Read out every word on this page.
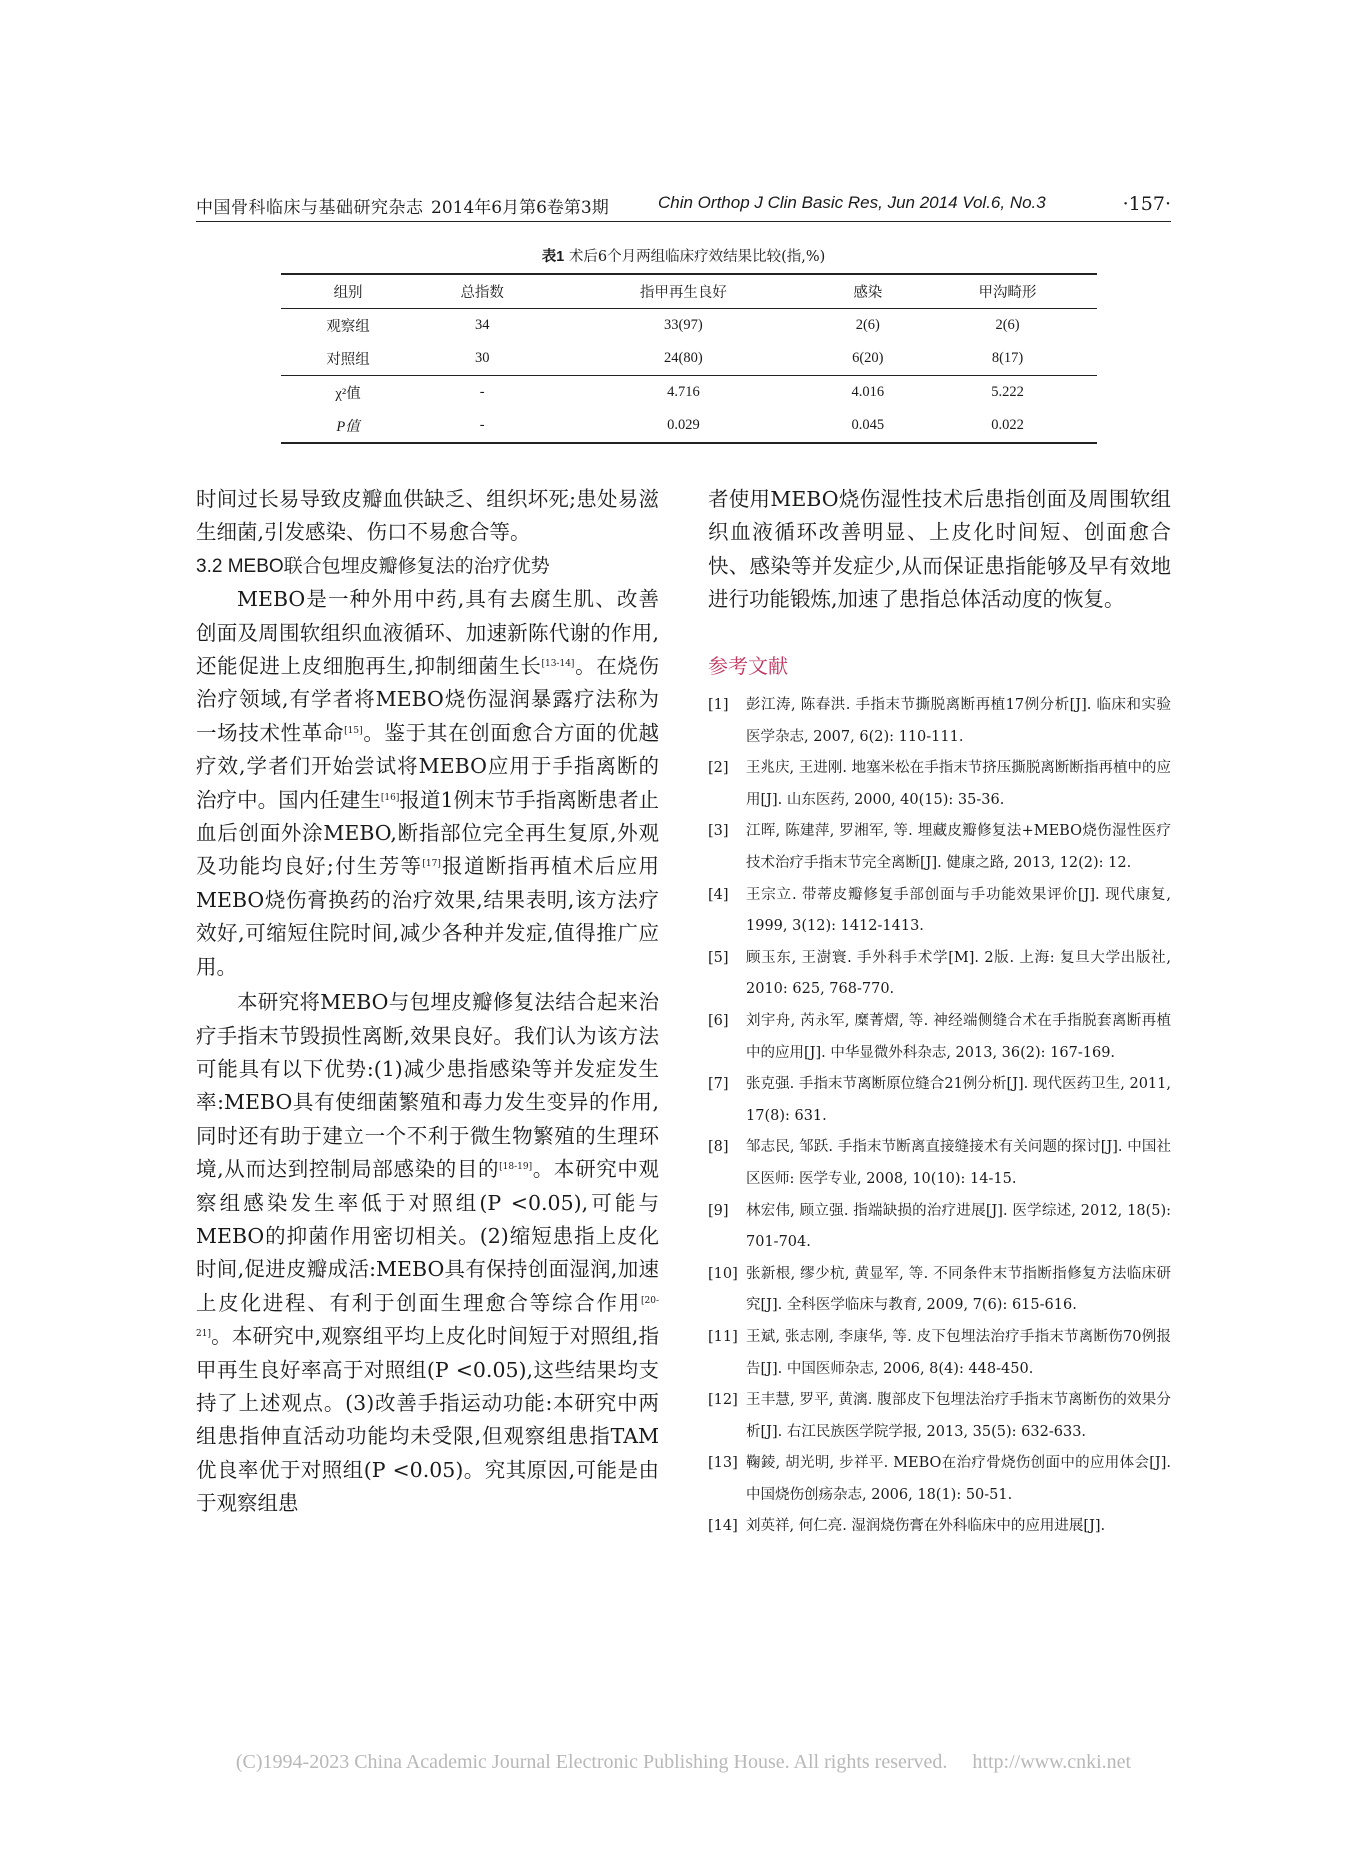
中国骨科临床与基础研究杂志 2014年6月第6卷第3期	Chin Orthop J Clin Basic Res, Jun 2014 Vol.6, No.3	·157·
表1 术后6个月两组临床疗效结果比较(指,%)
组别	总指数	指甲再生良好	感染	甲沟畸形
观察组	34	33(97)	2(6)	2(6)
对照组	30	24(80)	6(20)	8(17)
χ²值	-	4.716	4.016	5.222
P值	-	0.029	0.045	0.022

时间过长易导致皮瓣血供缺乏、组织坏死;患处易滋生细菌,引发感染、伤口不易愈合等。

3.2 MEBO联合包埋皮瓣修复法的治疗优势

MEBO是一种外用中药,具有去腐生肌、改善创面及周围软组织血液循环、加速新陈代谢的作用,还能促进上皮细胞再生,抑制细菌生长[13-14]。在烧伤治疗领域,有学者将MEBO烧伤湿润暴露疗法称为一场技术性革命[15]。鉴于其在创面愈合方面的优越疗效,学者们开始尝试将MEBO应用于手指离断的治疗中。国内任建生[16]报道1例末节手指离断患者止血后创面外涂MEBO,断指部位完全再生复原,外观及功能均良好;付生芳等[17]报道断指再植术后应用MEBO烧伤膏换药的治疗效果,结果表明,该方法疗效好,可缩短住院时间,减少各种并发症,值得推广应用。

本研究将MEBO与包埋皮瓣修复法结合起来治疗手指末节毁损性离断,效果良好。我们认为该方法可能具有以下优势:(1)减少患指感染等并发症发生率:MEBO具有使细菌繁殖和毒力发生变异的作用,同时还有助于建立一个不利于微生物繁殖的生理环境,从而达到控制局部感染的目的[18-19]。本研究中观察组感染发生率低于对照组(P <0.05),可能与MEBO的抑菌作用密切相关。(2)缩短患指上皮化时间,促进皮瓣成活:MEBO具有保持创面湿润,加速上皮化进程、有利于创面生理愈合等综合作用[20-21]。本研究中,观察组平均上皮化时间短于对照组,指甲再生良好率高于对照组(P <0.05),这些结果均支持了上述观点。(3)改善手指运动功能:本研究中两组患指伸直活动功能均未受限,但观察组患指TAM优良率优于对照组(P <0.05)。究其原因,可能是由于观察组患

者使用MEBO烧伤湿性技术后患指创面及周围软组织血液循环改善明显、上皮化时间短、创面愈合快、感染等并发症少,从而保证患指能够及早有效地进行功能锻炼,加速了患指总体活动度的恢复。

参考文献
[1] 彭江涛, 陈春洪. 手指末节撕脱离断再植17例分析[J]. 临床和实验医学杂志, 2007, 6(2): 110-111.
[2] 王兆庆, 王进刚. 地塞米松在手指末节挤压撕脱离断断指再植中的应用[J]. 山东医药, 2000, 40(15): 35-36.
[3] 江晖, 陈建萍, 罗湘军, 等. 埋藏皮瓣修复法+MEBO烧伤湿性医疗技术治疗手指末节完全离断[J]. 健康之路, 2013, 12(2): 12.
[4] 王宗立. 带蒂皮瓣修复手部创面与手功能效果评价[J]. 现代康复, 1999, 3(12): 1412-1413.
[5] 顾玉东, 王澍寰. 手外科手术学[M]. 2版. 上海: 复旦大学出版社, 2010: 625, 768-770.
[6] 刘宇舟, 芮永军, 糜菁熠, 等. 神经端侧缝合术在手指脱套离断再植中的应用[J]. 中华显微外科杂志, 2013, 36(2): 167-169.
[7] 张克强. 手指末节离断原位缝合21例分析[J]. 现代医药卫生, 2011, 17(8): 631.
[8] 邹志民, 邹跃. 手指末节断离直接缝接术有关问题的探讨[J]. 中国社区医师: 医学专业, 2008, 10(10): 14-15.
[9] 林宏伟, 顾立强. 指端缺损的治疗进展[J]. 医学综述, 2012, 18(5): 701-704.
[10] 张新根, 缪少杭, 黄显军, 等. 不同条件末节指断指修复方法临床研究[J]. 全科医学临床与教育, 2009, 7(6): 615-616.
[11] 王斌, 张志刚, 李康华, 等. 皮下包埋法治疗手指末节离断伤70例报告[J]. 中国医师杂志, 2006, 8(4): 448-450.
[12] 王丰慧, 罗平, 黄漓. 腹部皮下包埋法治疗手指末节离断伤的效果分析[J]. 右江民族医学院学报, 2013, 35(5): 632-633.
[13] 鞠錂, 胡光明, 步祥平. MEBO在治疗骨烧伤创面中的应用体会[J]. 中国烧伤创疡杂志, 2006, 18(1): 50-51.
[14] 刘英祥, 何仁亮. 湿润烧伤膏在外科临床中的应用进展[J].
(C)1994-2023 China Academic Journal Electronic Publishing House. All rights reserved. http://www.cnki.net
